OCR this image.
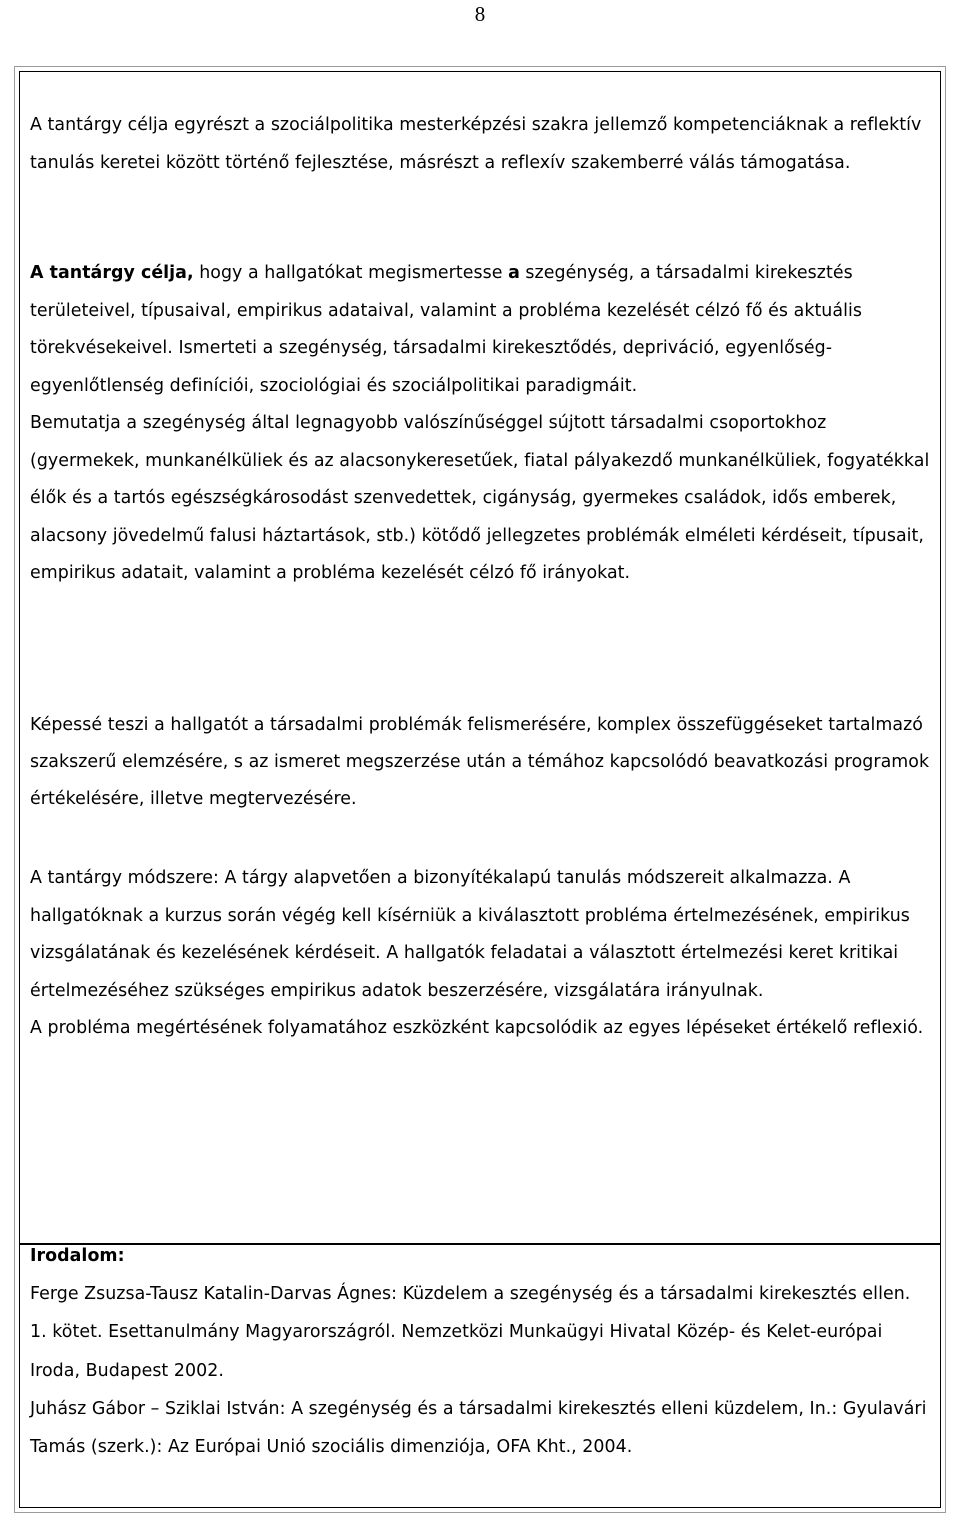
8

A tantárgy célja egyrészt a szociálpolitika mesterképzési szakra jellemző kompetenciáknak a reflektív tanulás keretei között történő fejlesztése, másrészt a reflexív szakemberré válás támogatása.

A tantárgy célja, hogy a hallgatókat megismertesse a szegénység, a társadalmi kirekesztés területeivel, típusaival, empirikus adataival, valamint a probléma kezelését célzó fő és aktuális törekvésekeivel. Ismerteti a szegénység, társadalmi kirekesztődés, depriváció, egyenlőség-egyenlőtlenség definíciói, szociológiai és szociálpolitikai paradigmáit.

Bemutatja a szegénység által legnagyobb valószínűséggel sújtott társadalmi csoportokhoz (gyermekek, munkanélküliek és az alacsonykeresetűek, fiatal pályakezdő munkanélküliek, fogyatékkal élők és a tartós egészségkárosodást szenvedettek, cigányság, gyermekes családok, idős emberek, alacsony jövedelmű falusi háztartások, stb.) kötődő jellegzetes problémák elméleti kérdéseit, típusait, empirikus adatait, valamint a probléma kezelését célzó fő irányokat.

Képessé teszi a hallgatót a társadalmi problémák felismerésére, komplex összefüggéseket tartalmazó szakszerű elemzésére, s az ismeret megszerzése után a témához kapcsolódó beavatkozási programok értékelésére, illetve megtervezésére.

A tantárgy módszere: A tárgy alapvetően a bizonyítékalapú tanulás módszereit alkalmazza. A hallgatóknak a kurzus során végég kell kísérniük a kiválasztott probléma értelmezésének, empirikus vizsgálatának és kezelésének kérdéseit. A hallgatók feladatai a választott értelmezési keret kritikai értelmezéséhez szükséges empirikus adatok beszerzésére, vizsgálatára irányulnak.

A probléma megértésének folyamatához eszközként kapcsolódik az egyes lépéseket értékelő reflexió.

Irodalom:

Ferge Zsuzsa-Tausz Katalin-Darvas Ágnes: Küzdelem a szegénység és a társadalmi kirekesztés ellen. 1. kötet. Esettanulmány Magyarországról. Nemzetközi Munkaügyi Hivatal Közép- és Kelet-európai Iroda, Budapest 2002.

Juhász Gábor – Sziklai István: A szegénység és a társadalmi kirekesztés elleni küzdelem, In.: Gyulavári Tamás (szerk.): Az Európai Unió szociális dimenziója, OFA Kht., 2004.
